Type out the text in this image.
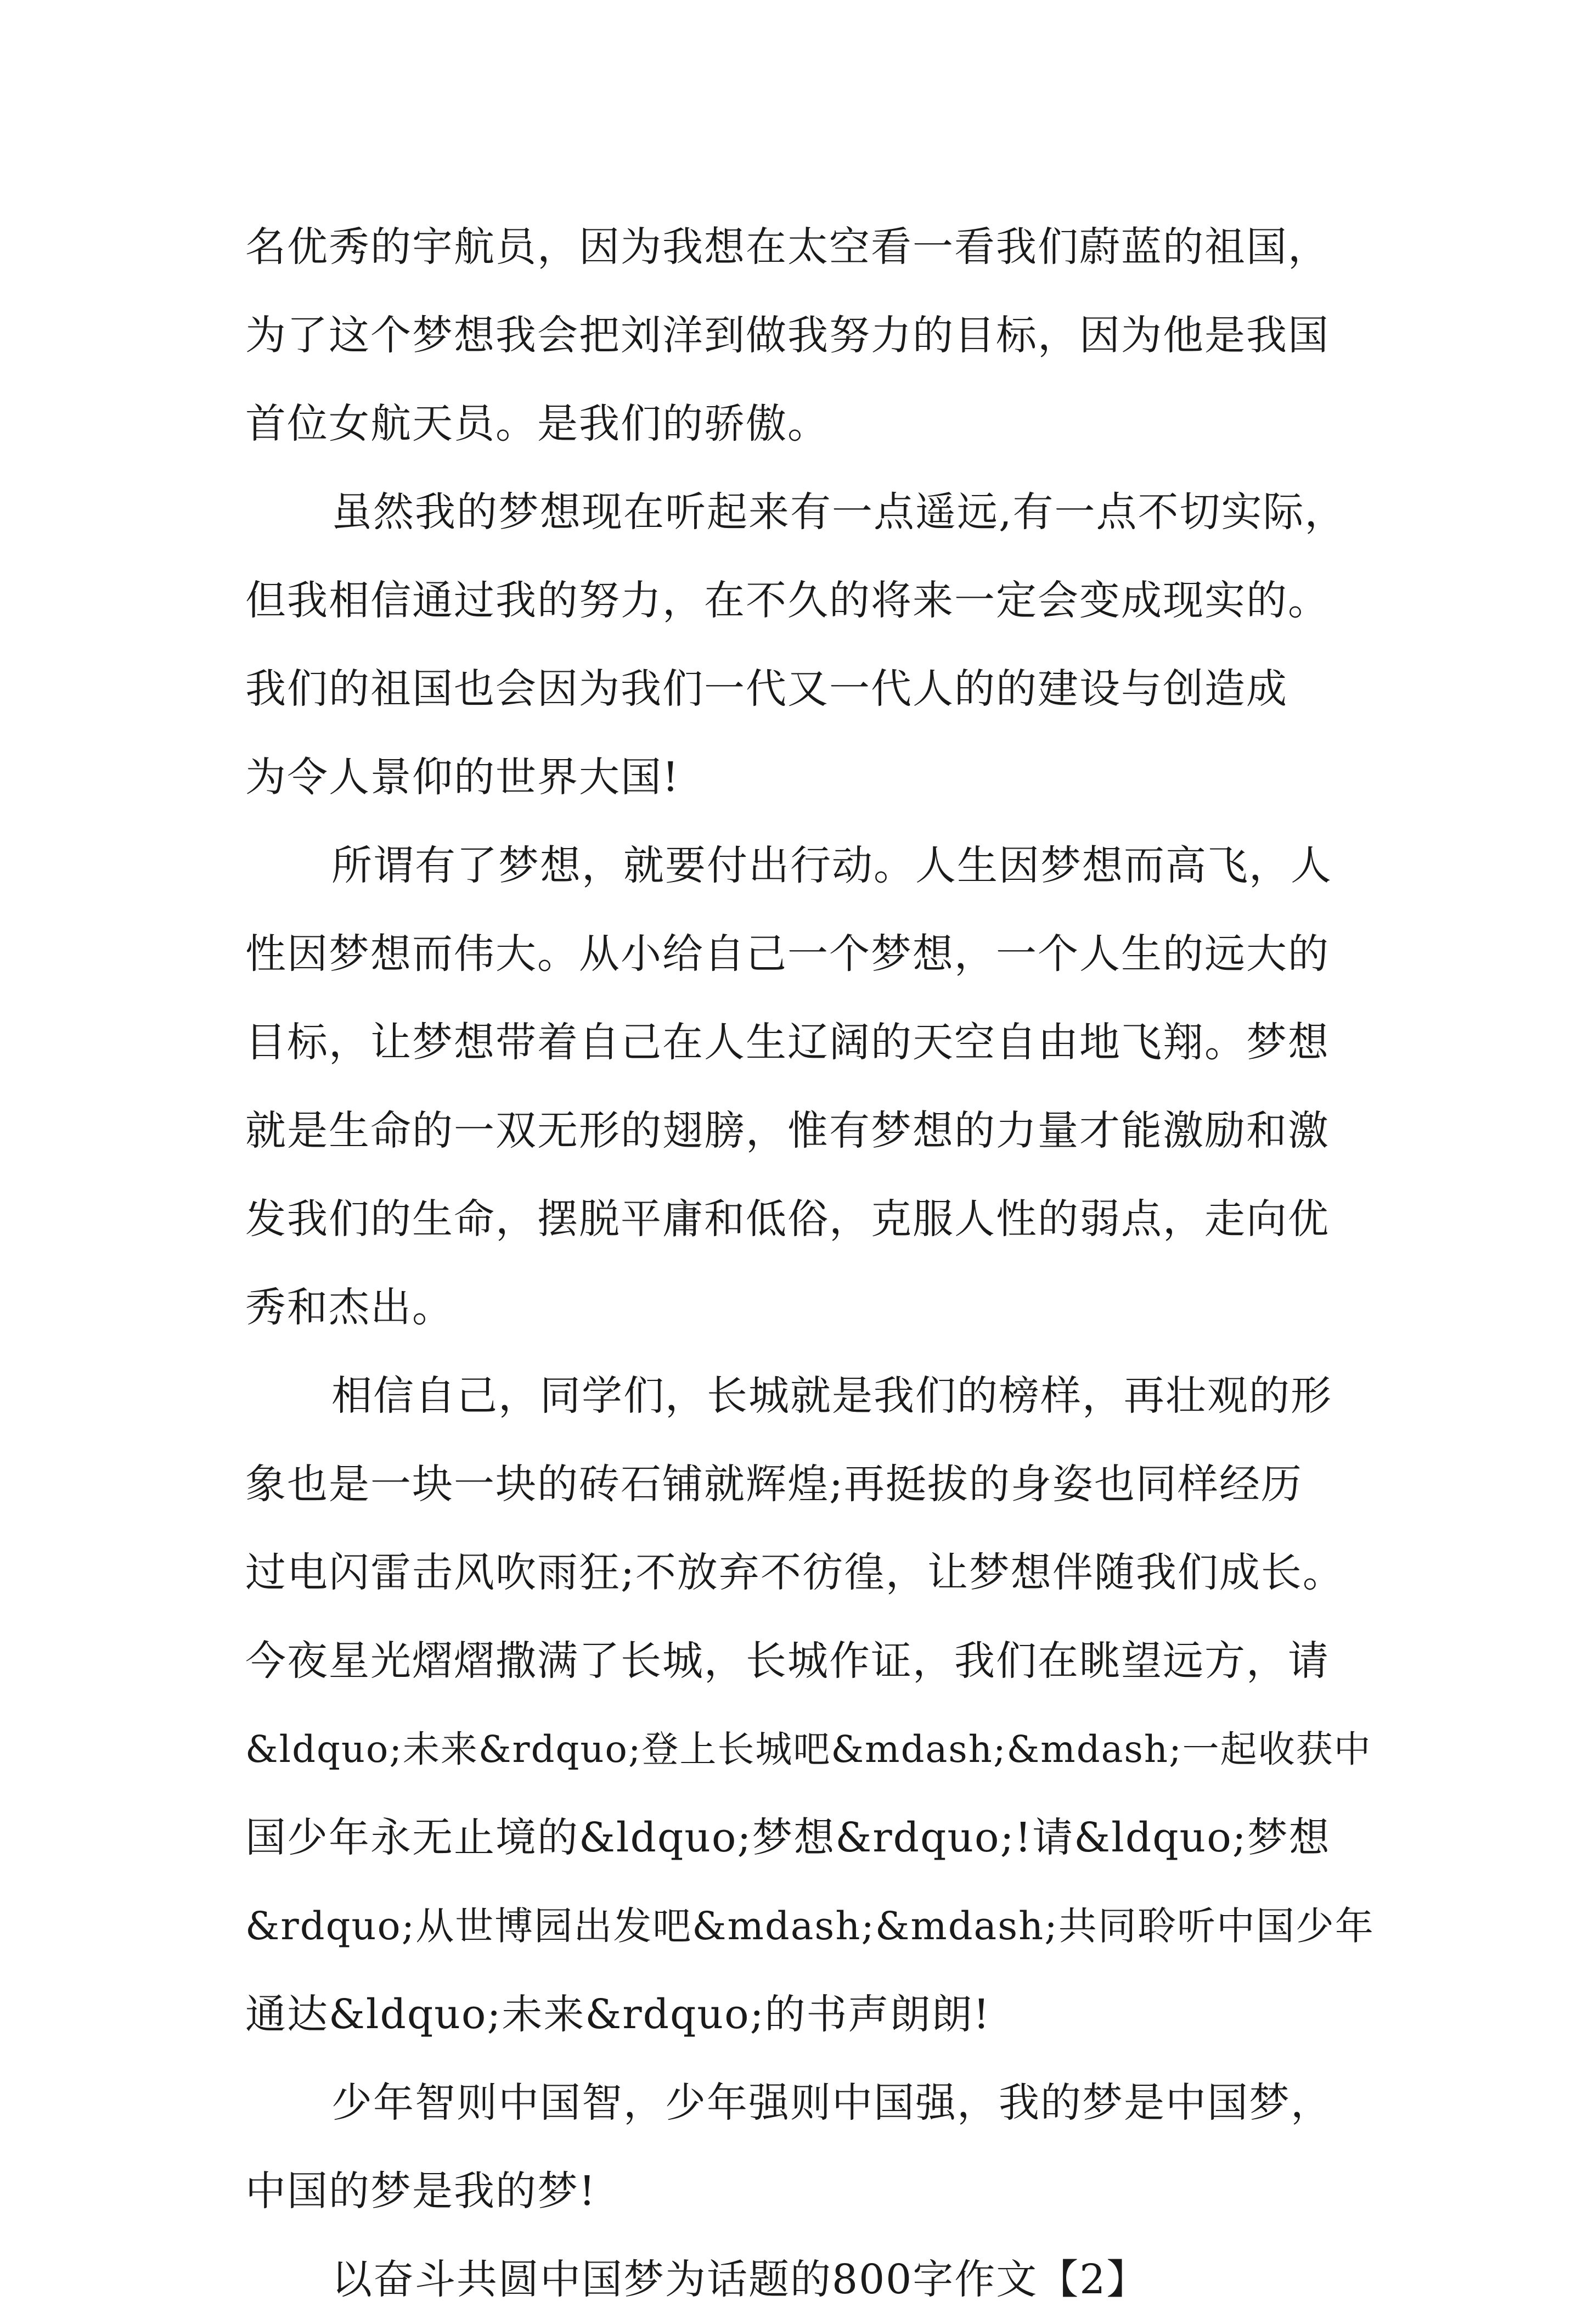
名优秀的宇航员，因为我想在太空看一看我们蔚蓝的祖国，
为了这个梦想我会把刘洋到做我努力的目标，因为他是我国
首位女航天员。是我们的骄傲。
虽然我的梦想现在听起来有一点遥远,有一点不切实际，
但我相信通过我的努力，在不久的将来一定会变成现实的。
我们的祖国也会因为我们一代又一代人的的建设与创造成
为令人景仰的世界大国!
所谓有了梦想，就要付出行动。人生因梦想而高飞，人
性因梦想而伟大。从小给自己一个梦想，一个人生的远大的
目标，让梦想带着自己在人生辽阔的天空自由地飞翔。梦想
就是生命的一双无形的翅膀，惟有梦想的力量才能激励和激
发我们的生命，摆脱平庸和低俗，克服人性的弱点，走向优
秀和杰出。
相信自己，同学们，长城就是我们的榜样，再壮观的形
象也是一块一块的砖石铺就辉煌;再挺拔的身姿也同样经历
过电闪雷击风吹雨狂;不放弃不彷徨，让梦想伴随我们成长。
今夜星光熠熠撒满了长城，长城作证，我们在眺望远方，请
&ldquo;未来&rdquo;登上长城吧&mdash;&mdash;一起收获中
国少年永无止境的&ldquo;梦想&rdquo;!请&ldquo;梦想
&rdquo;从世博园出发吧&mdash;&mdash;共同聆听中国少年
通达&ldquo;未来&rdquo;的书声朗朗!
少年智则中国智，少年强则中国强，我的梦是中国梦，
中国的梦是我的梦!
以奋斗共圆中国梦为话题的800字作文【2】
